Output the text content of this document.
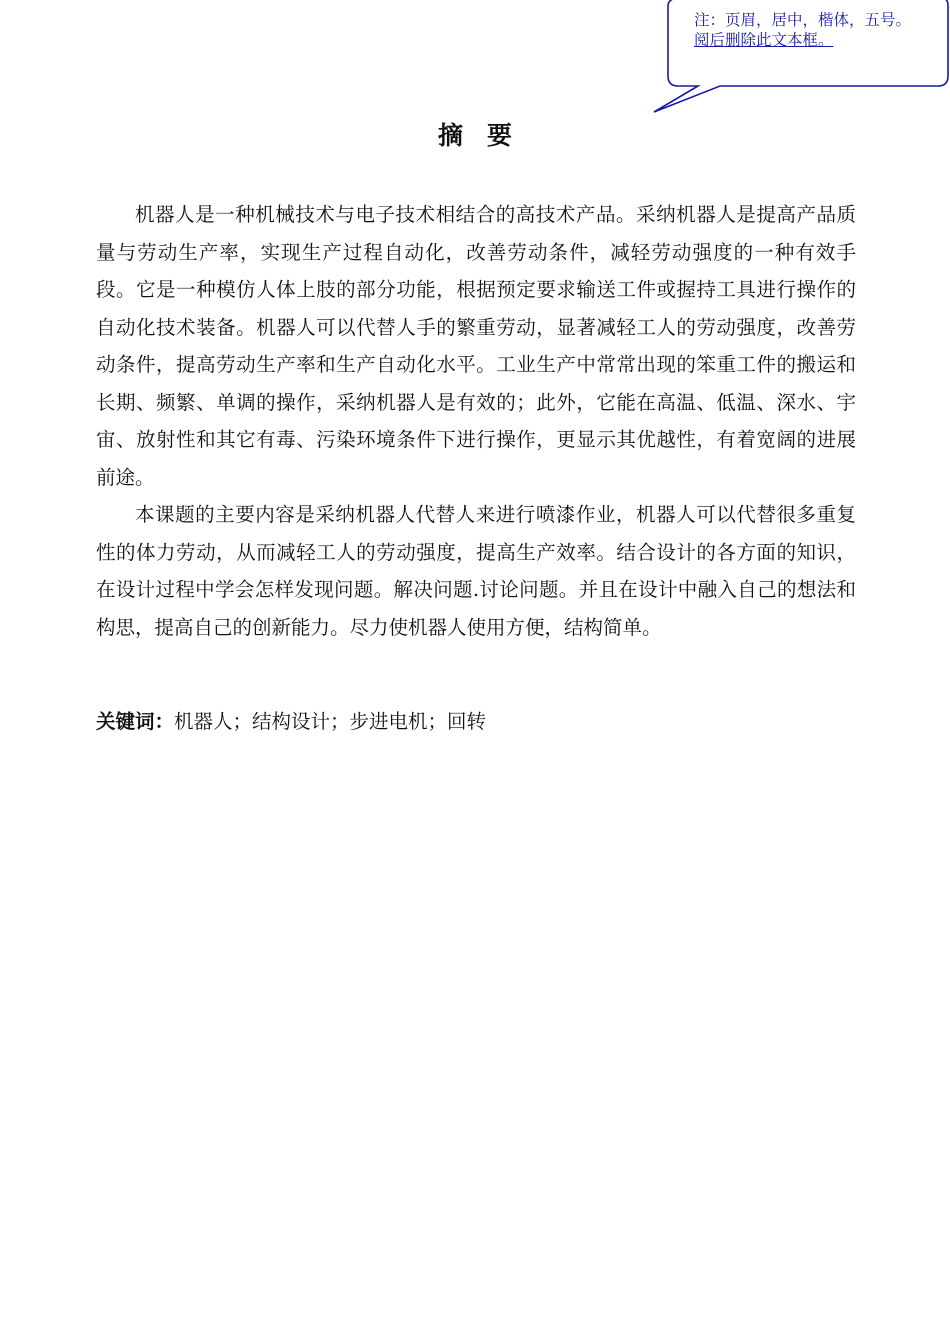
注：页眉，居中，楷体，五号。
阅后删除此文本框。
摘要

机器人是一种机械技术与电子技术相结合的高技术产品。采纳机器人是提高产品质量与劳动生产率，实现生产过程自动化，改善劳动条件，减轻劳动强度的一种有效手段。它是一种模仿人体上肢的部分功能，根据预定要求输送工件或握持工具进行操作的自动化技术装备。机器人可以代替人手的繁重劳动，显著减轻工人的劳动强度，改善劳动条件，提高劳动生产率和生产自动化水平。工业生产中常常出现的笨重工件的搬运和长期、频繁、单调的操作，采纳机器人是有效的；此外，它能在高温、低温、深水、宇宙、放射性和其它有毒、污染环境条件下进行操作，更显示其优越性，有着宽阔的进展前途。

本课题的主要内容是采纳机器人代替人来进行喷漆作业，机器人可以代替很多重复性的体力劳动，从而减轻工人的劳动强度，提高生产效率。结合设计的各方面的知识，在设计过程中学会怎样发现问题。解决问题.讨论问题。并且在设计中融入自己的想法和构思，提高自己的创新能力。尽力使机器人使用方便，结构简单。

关键词：机器人；结构设计；步进电机；回转
